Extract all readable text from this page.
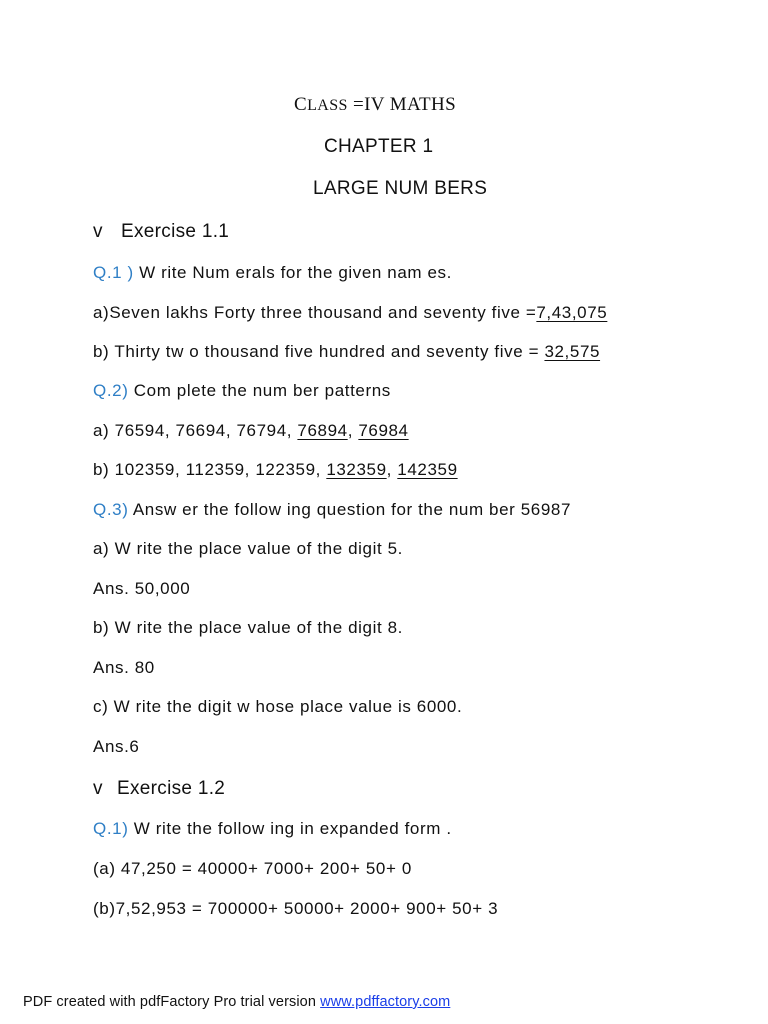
CLASS =IV MATHS
CHAPTER 1
LARGE NUM BERS
v Exercise 1.1
Q.1 ) W rite Num erals for the given nam es.
a)Seven lakhs Forty three thousand and seventy five =7,43,075
b) Thirty tw o thousand five hundred and seventy five = 32,575
Q.2) Com plete the num ber patterns
a) 76594, 76694, 76794, 76894, 76984
b) 102359, 112359, 122359, 132359, 142359
Q.3) Answ er the follow ing question for the num ber 56987
a) W rite the place value of the digit 5.
Ans. 50,000
b) W rite the place value of the digit 8.
Ans. 80
c) W rite the digit w hose place value is 6000.
Ans.6
v Exercise 1.2
Q.1) W rite the follow ing in expanded form .
(a) 47,250 = 40000+ 7000+ 200+ 50+ 0
(b)7,52,953 = 700000+ 50000+ 2000+ 900+ 50+ 3
PDF created with pdfFactory Pro trial version www.pdffactory.com
